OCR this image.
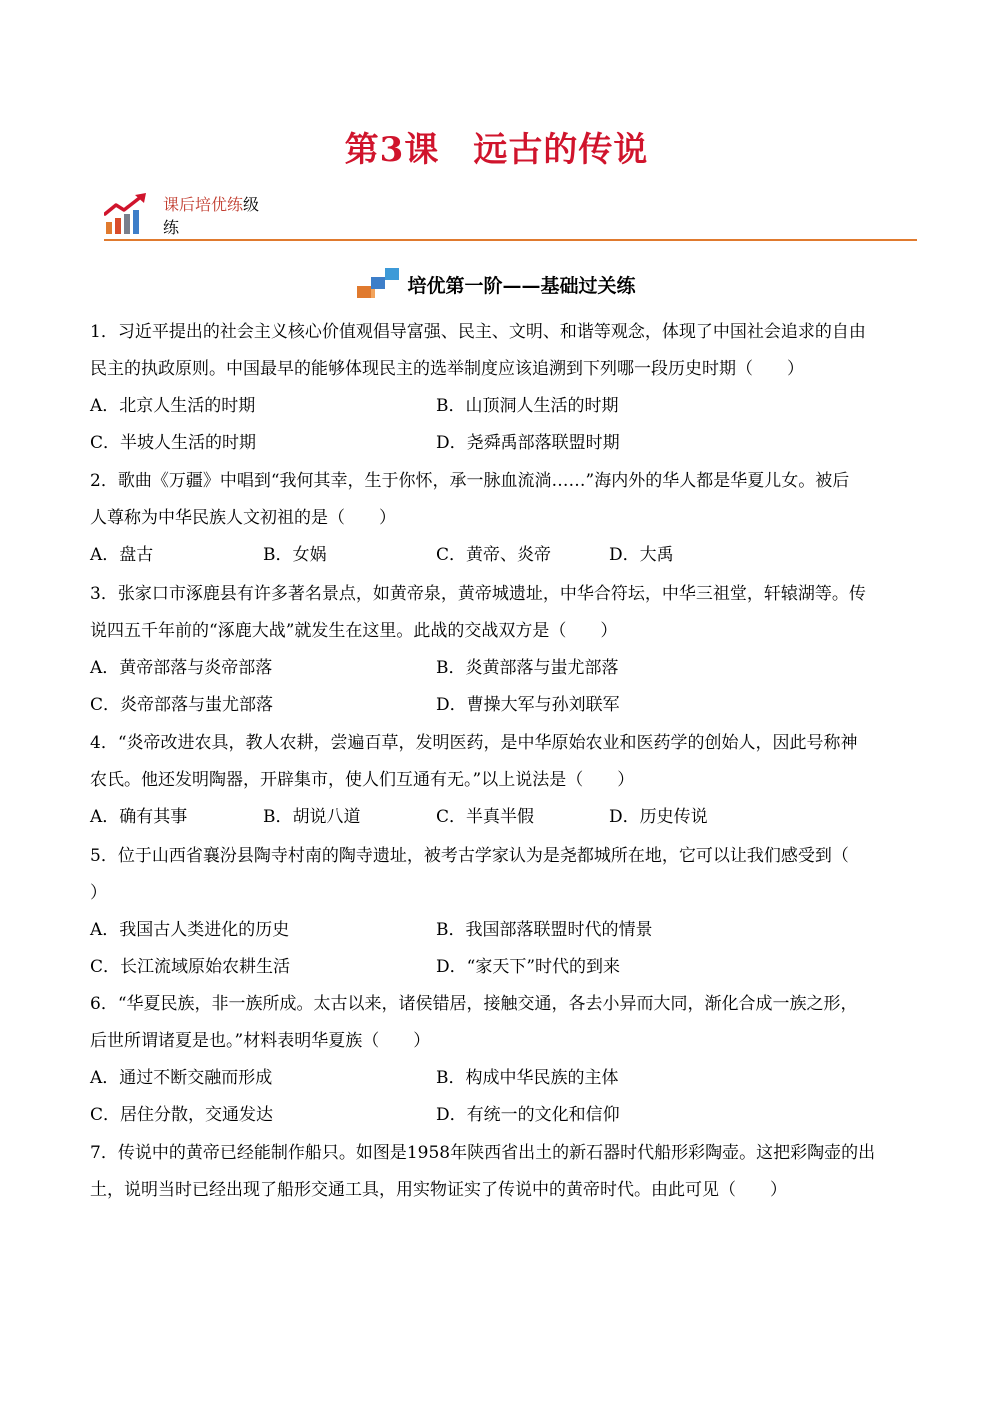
第3课 远古的传说
课后培优练级
练
培优第一阶——基础过关练
1．习近平提出的社会主义核心价值观倡导富强、民主、文明、和谐等观念，体现了中国社会追求的自由
民主的执政原则。中国最早的能够体现民主的选举制度应该追溯到下列哪一段历史时期（　　）
A．北京人生活的时期	B．山顶洞人生活的时期
C．半坡人生活的时期	D．尧舜禹部落联盟时期
2．歌曲《万疆》中唱到“我何其幸，生于你怀，承一脉血流淌……”海内外的华人都是华夏儿女。被后
人尊称为中华民族人文初祖的是（　　）
A．盘古	B．女娲	C．黄帝、炎帝	D．大禹
3．张家口市涿鹿县有许多著名景点，如黄帝泉，黄帝城遗址，中华合符坛，中华三祖堂，轩辕湖等。传
说四五千年前的“涿鹿大战”就发生在这里。此战的交战双方是（　　）
A．黄帝部落与炎帝部落	B．炎黄部落与蚩尤部落
C．炎帝部落与蚩尤部落	D．曹操大军与孙刘联军
4．“炎帝改进农具，教人农耕，尝遍百草，发明医药，是中华原始农业和医药学的创始人，因此号称神
农氏。他还发明陶器，开辟集市，使人们互通有无。”以上说法是（　　）
A．确有其事	B．胡说八道	C．半真半假	D．历史传说
5．位于山西省襄汾县陶寺村南的陶寺遗址，被考古学家认为是尧都城所在地，它可以让我们感受到（
）
A．我国古人类进化的历史	B．我国部落联盟时代的情景
C．长江流域原始农耕生活	D．“家天下”时代的到来
6．“华夏民族，非一族所成。太古以来，诸侯错居，接触交通，各去小异而大同，渐化合成一族之形，
后世所谓诸夏是也。”材料表明华夏族（　　）
A．通过不断交融而形成	B．构成中华民族的主体
C．居住分散，交通发达	D．有统一的文化和信仰
7．传说中的黄帝已经能制作船只。如图是1958年陕西省出土的新石器时代船形彩陶壶。这把彩陶壶的出
土，说明当时已经出现了船形交通工具，用实物证实了传说中的黄帝时代。由此可见（　　）
